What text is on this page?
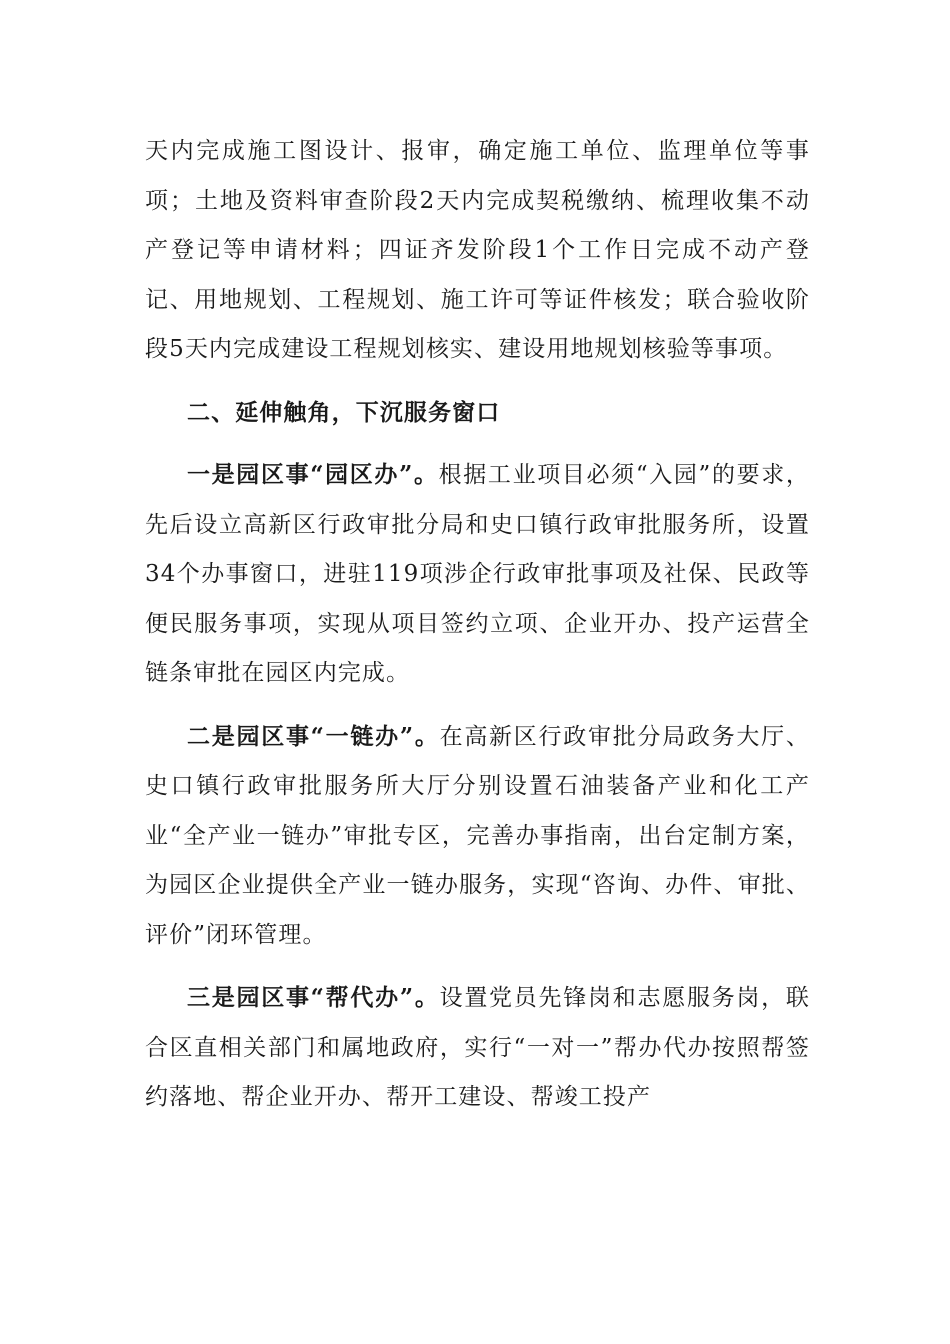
天内完成施工图设计、报审，确定施工单位、监理单位等事项；土地及资料审查阶段2天内完成契税缴纳、梳理收集不动产登记等申请材料；四证齐发阶段1个工作日完成不动产登记、用地规划、工程规划、施工许可等证件核发；联合验收阶段5天内完成建设工程规划核实、建设用地规划核验等事项。

二、延伸触角，下沉服务窗口

一是园区事“园区办”。根据工业项目必须“入园”的要求，先后设立高新区行政审批分局和史口镇行政审批服务所，设置34个办事窗口，进驻119项涉企行政审批事项及社保、民政等便民服务事项，实现从项目签约立项、企业开办、投产运营全链条审批在园区内完成。

二是园区事“一链办”。在高新区行政审批分局政务大厅、史口镇行政审批服务所大厅分别设置石油装备产业和化工产业“全产业一链办”审批专区，完善办事指南，出台定制方案，为园区企业提供全产业一链办服务，实现“咨询、办件、审批、评价”闭环管理。

三是园区事“帮代办”。设置党员先锋岗和志愿服务岗，联合区直相关部门和属地政府，实行“一对一”帮办代办按照帮签约落地、帮企业开办、帮开工建设、帮竣工投产
